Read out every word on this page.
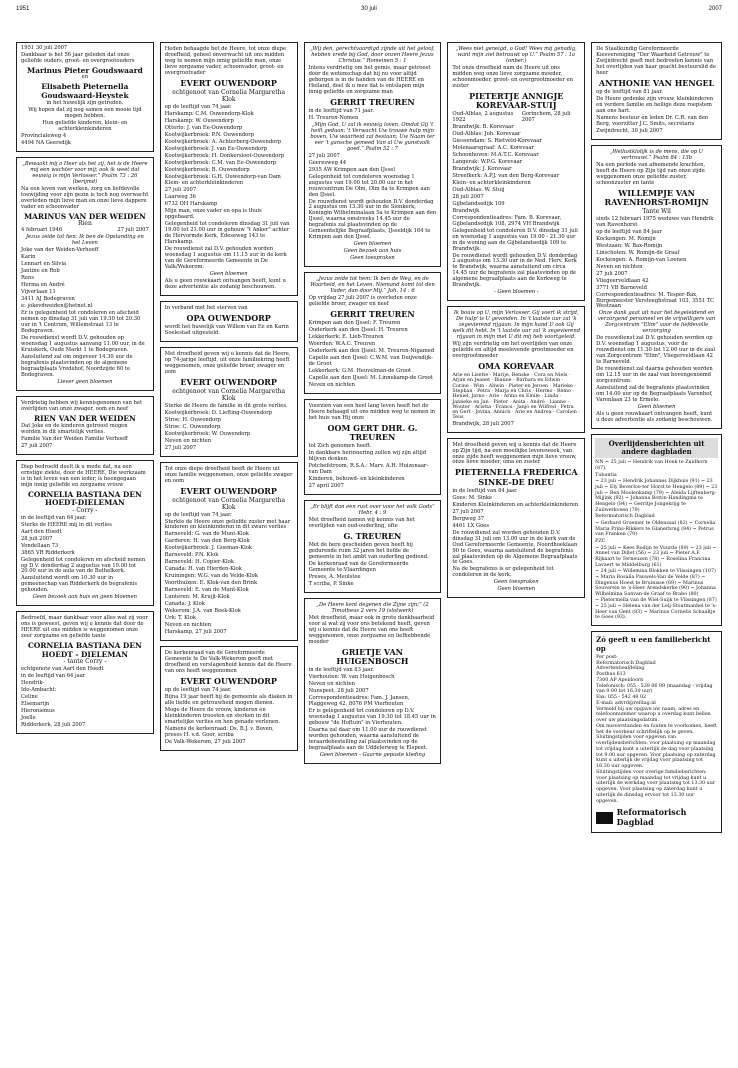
1951	30 juli	2007
1951 30 juli 2007

Dankbaar is het 56 jaar geleden dat onze geliefde ouders, groot- en overgrootouders

Marinus Pieter Goudswaard
en
Elisabeth Pieternella Goudswaard-Heystek

in het huwelijk zijn getreden.

Wij hopen dat zij nog samen een mooie tijd mogen hebben.

Hun geliefde kinderen, klein- en achterkleinkinderen

Provincialeweg 4

4494 NA Geersdijk

„Bewaakt mij o Heer als het zij, het is de Heere mij een wachter voor mij; ook ik weet dat eeuwig is mijn Verlosser.” Psalm 73 : 26 (berijmd)

Na een leven van werken, zorg en liefdevolle toewijding voor zijn gezin is toch nog overwacht overleden mijn lieve man en onze lieve dappere vader en schoonvader

MARINUS VAN DER WEIDEN
Rien
4 februari 1946	27 juli 2007

Jezus zeide tot hen: Ik ben de Opstanding en het Leven

Joke van der Weiden-Verhoeff

Karin

Lennart en Silvia

Jantine en Rob

Rens

Herma en André

Vijverlaan 11

3411 AJ Bodegraven

e: jokevdweiden@hetnet.nl

Er is gelegenheid tot condoleren en afscheid nemen op dinsdag 31 juli van 19.30 tot 20.30 uur in 't Centrum, Willemstraat 13 te Bodegraven.

De rouwdienst wordt D.V. gehouden op woensdag 1 augustus aanvang 11.00 uur, in de Kruiskerk, Oude Markt 1 te Bodegraven.

Aansluitend zal om ongeveer 14.30 uur de begrafenis plaatsvinden op de algemene begraafplaats Vredehof, Noordzijde 60 te Bodegraven.

Liever geen bloemen

Verdrietig hebben wij kennisgenomen van het overlijden van onze zwager, oom en neef

RIEN VAN DER WEIDEN

Dat Joke en de kinderen getroost mogen worden in dit smartelijk verlies.

Familie Van der Weiden Familie Verhoeff

27 juli 2007

Diep bedroefd deelt ik u mede dat, na een ernstige ziekte, door de HEERE, Die werkzaam is in het leven van een ieder, is heengegaan mijn innig geliefde en zorgzame vrouw

CORNELIA BASTIANA DEN HOEDT-DIELEMAN
- Corry -

in de leeftijd van 64 jaar.

Sterks de HEERE mij in dit verlies

Aart den Hoedt

28 juli 2007

Vondellaan 73

3865 VR Ridderkerk

Gelegenheid tot condoleren en afscheid nemen op D.V. donderdag 2 augustus van 19.00 tot 20.00 uur in de aula van de Bethelkerk.

Aansluitend wordt om 10.30 uur in gemeenschap van Ridderkerk de begrafenis gehouden.

Geen bezoek aan huis en geen bloemen

Bedroefd, maar dankbaar voor alles wat zij voor ons is geweest, geven wij u kennis dat door de HEERE uit ons midden is weggenomen onze zeer zorgzame en geliefde tante

CORNELIA BASTIANA DEN HOEDT - DIELEMAN
- tante Corry -

echtgenote van Aart den Hoedt

in de leeftijd van 64 jaar

Hendrik-

Ido-Ambacht:

Celine

Elsemarijn

Hieroniemus

Joelle

Ridderkerk, 28 juli 2007

Heden behaagde het de Heere, tot onze diepe droefheid, geheel onverwacht uit ons midden weg te nemen mijn innig geliefde man, onze lieve zorgzame vader, schoonvader, groot- en overgrootvader

EVERT OUWENDORP
echtgenoot van Cornelia Margaretha Klok

op de leeftijd van 74 jaar.

Harskamp: C.M. Ouwendorp-Klok

Harskamp: W. Ouwendorp

Otterlo: J. van Ee-Ouwendorp

Kootwijkerbroek: P.N. Ouwendorp

Kootwijkerbroek: A. Achterberg-Ouwendorp

Kootwijkerbroek: J. van Ee-Ouwendorp

Kootwijkerbroek: H. Donkersloot-Ouwendorp

Kootwijkerbroek: C.M. van Ee-Ouwendorp

Kootwijkerbroek: B. Ouwendorp

Kootwijkerbroek: G.H. Ouwendorp-van Dam

Klein- en achterkleinkinderen

27 juli 2007

Laarweg 36

6732 DH Harskamp

Mijn man, onze vader en opa is thuis opgebaard.

Gelegenheid tot condoleren dinsdag 31 juli van 19.00 tot 21.00 uur in gebouw "t Anker" achter de Hervormde Kerk, Edeseweg 143 te Harskamp.

De rouwdienst zal D.V. gehouden worden woensdag 1 augustus om 11.15 uur in de kerk van de Gereformeerde Gemeente in De Valk/Wekerom.

Geen bloemen

Als u geen rouwkaart ontvangen heeft, kunt u deze advertentie als zodanig beschouwen.

In verband met het sterven van

OPA OUWENDORP

wordt het huwelijk van Willem van Ee en Karin Soelestad uitgesteld.

Met droefheid geven wij u kennis dat de Heere, op 74-jarige leeftijd, uit onze familiekring heeft weggenomen, onze geliefde broer, zwager en oom

EVERT OUWENDORP
echtgenoot van Cornelia Margaretha Klok

Sterke de Heere de familie in dit grote verlies.

Kootwijkerbroek: D. Liefting-Ouwendorp

Stroe: H. Ouwendorp

Stroe: C. Ouwendorp

Kootwijkerbroek: W. Ouwendorp

Neven en nichten

27 juli 2007

Tot onze diepe droefheid heeft de Heere uit onze familie weggenomen, onze geliefde zwager en oom

EVERT OUWENDORP
echtgenoot van Cornelia Margaretha Klok

op de leeftijd van 74 jaar.

Sterkte de Heere onze geliefde zuster met haar kinderen en kleinkinderen in dit zware verlies

Barneveld: G. van de Munt-Klok

Garderen: H. van den Berg-Klok

Kootwijkerbroek: J. Goeman-Klok

Barneveld: P.N. Klok

Barneveld: H. Copier-Klok

Canada: H. van Hierden-Klok

Kruiningen: W.G. van de Velde-Klok

Voorthuizen: E. Klok-van den Brink

Barneveld: E. van de Munt-Klok

Lunteren: M. Kruijt-Klok

Canada: J. Klok

Wekerom: J.A. van Beek-Klok

Urk: T. Klok

Neven en nichten

Harskamp, 27 juli 2007

De kerkenraad van de Gereformeerde Gemeente te De Valk-Wekerom geeft met droefheid en verslagenheid kennis dat de Heere van ons heeft weggenomen

EVERT OUWENDORP

op de leeftijd van 74 jaar.

Bijna 19 jaar heeft hij de gemeente als diaken in alle liefde en getrouwheid mogen dienen.

Moge de Heere de vrouw, kinderen en kleinkinderen troosten en sterken in dit smartelijke verlies en hen genade verlenen.

Namens de kerkenraad: Ds. B.J. v. Boven, preses H. v.d. Goor, scriba

De Valk-Wekerom, 27 juli 2007

„Wij den, gerechtvaardigd zijnde uit het geloof, hebben vrede bij God, door onzen Heere Jezus Christus.” Romeinen 5 : 1

Intens verdrietig om het gemis, maar getroost door de wetenschap dat hij nu voor altijd geborgen is in de handen van de HEERE en Heiland, deel ik u mee dat is ontslapen mijn innig geliefde en zorgzame man

GERRIT TREUREN

in de leeftijd van 71 jaar.

H. Treuren-Nomen

„Mijn God, U zal ik eeuwig loven. Omdat Gij 't heilt gedaan; 't Verwacht Uw trouwe hulp mijn boven, Uw waarheid zal bestaan; Uw Naam ter eer 't gansche gemeed Van al Uw gunstvolk goed.” Psalm 52 : 7

27 juli 2007

Geeresweg 44

2935 AW Krimpen aan den IJssel

Gelegenheid tot condoleren woensdag 1 augustus van 19.00 tot 20.00 uur in het rouwcentrum De Olm, Olm 8a te Krimpen aan den IJssel.

De rouwdienst wordt gehouden D.V. donderdag 2 augustus om 13.30 uur in de Sionkerk, Koningin Wilhelminalaan 5a te Krimpen aan den IJssel, waarna omstreeks 14.45 uur de begrafenis zal plaatsvinden op de Gemeentelijke Begraafplaats, IJsseldijk 164 te Krimpen aan den IJssel.

Geen bloemen

Geen bezoek aan huis

Geen toespraken

„Jezus zeide tot hem: Ik ben de Weg, en de Waarheid, en het Leven. Niemand komt tot den Vader, dan door Mij.” Joh. 14 : 6

Op vrijdag 27 juli 2007 is overleden onze geliefde broer, zwager en neef

GERRIT TREUREN

Krimpen aan den IJssel: F. Treuren

Ouderkerk aan den IJssel: H. Treuren

Lekkerkerk: E. Lieb-Treuren

Woerden: W.A.C. Treuren

Ouderkerk aan den IJssel: M. Treuren-Nigamed

Capelle aan den IJssel: C.W.M. van Duijvendijk-de Groot

Lekkerkerk: G.M. Heuvelman-de Groot

Capelle aan den IJssel: M. Linnekamp-de Groot

Neven en nichten

Voorzien van een heel lang leven heeft het de Heere behaagd uit ons midden weg te nemen in het huis van Hij onze

OOM GERT DHR. G. TREUREN

tot Zich genomen heeft.

In dankbare herinnering zullen wij zijn altijd blijven denken.

Potchefstroom, R.S.A.: Marv. A.H. Huizenaar-van Dam

Kinderen, behuwd- en kleinkinderen

27 april 2007

„Er blijft dan een rust over voor het volk Gods” Hebr. 4 : 9

Met droefheid namen wij kennis van het overlijden van oud-ouderling, ofte

G. TREUREN

Met de here gescheiden geven heeft hij gedurende ruim 32 jaren het liefde de gemeente in het ambt van ouderling gediend.

De kerkenraad van de Gereformeerde Gemeente te Vlaardingen

Preses, A. Meulstee

T scriba, P. Sinke

„De Heere kent degenen die Zijne zijn;” (2 Timotheus 2 vers 19 (slotwerk)

Met droefheid, maar ook in grote dankbaarheid voor al wat zij voor ons betekend heeft, geven wij u kennis dat de Heere van ons heeft weggenomen, onze zorgzame en liefhebbende moeder

GRIETJE VAN HUIGENBOSCH

in de leeftijd van 83 jaar.

Vierhouten: W. van Huigenbosch

Neven en nichten

Nunspeet, 28 juli 2007

Correspondentieadres: Fam. J. Jansen, Plaggeweg 42, 8076 PM Vierhouten

Er is gelegenheid tot condoleren op D.V. woensdag 1 augustus van 19.30 tot 18.45 uur in gebouw "de Hoftuin" in Vierhouten.

Daarna zal daar om 11.00 uur de rouwdienst worden gehouden, waarna aansluitend de teraardebestelling zal plaatsvinden op de begraafplaats aan de Uddelerweg te Elspeet.

Geen bloemen - Gaarne gepaste kleding

„Wees niet geneigd, o God! Wees mij genadig, want mijn ziel betrouwt op U.” Psalm 57 : 1a (onber.)

Tot onze droefheid nam de Heere uit ons midden weg onze lieve zorgzame moeder, schoonmoeder, groot- en overgrootmoeder en zuster

PIETERTJE ANNIGJE KOREVAAR-STUIJ
Oud-Alblas, 2 augustus 1922
Gorinchem, 28 juli 2007

Brandwijk: B. Korevaar

Oud-Alblas: Joh. Korevaar

Giessendam: S. Rietveld-Korevaar

Molenaarsgraaf: A.C. Korevaar

Schoonhoven: M.A.T.C. Korevaar

Langerak: W.P.G. Korevaar

Brandwijk: J. Korevaar

Streefkerk: A.P.J. van den Berg-Korevaar

Klein- en achterkleinkinderen

Oud-Alblas: W. Stuij

28 juli 2007

Gijbelandsedijk 109

Brandwijk

Correspondentieadres: Fam. B. Korevaar, Gijbelandsedijk 108, 2974 VH Brandwijk

Gelegenheid tot condoleren D.V. dinsdag 31 juli en woensdag 1 augustus van 19.00 - 21.30 uur in de woning aan de Gijbelandsedijk 109 te Brandwijk.

De rouwdienst wordt gehouden D.V. donderdag 2 augustus om 13.30 uur in de Ned. Herv. Kerk te Brandwijk, waarna aansluitend om circa 14.45 uur de begrafenis zal plaatsvinden op de algemene begraafplaats aan de Kerkweg te Brandwijk.

- Geen bloemen -

Ik bouw op U, mijn Verlosser. Gij voert ik strijd, De hulp' is U gevonden. In 't laatste uur zal 'k zegevierend rijgaan. In mijn hand U ook Gij welk dit hebt. In 't laatste uur zal 'k zegevierend rijgaan in mijn met U dit mij heb voortgeleid.

Wij zijn verdrietig om het overlijden van onze geliefde en altijd meelevende grootmoeder en overgrootmoeder

OMA KOREVAAR

Arie en Lisette · Marije, Renske · Cora en Niels · Arjan en Jeanet · Bianne · Barbara en Edwin · Corine · Wim · Aliwin · Pieter en Jeroen · Marieke · Stephan · Petra · Marja en Chris · Hermo · Remo · Heniel, Jarno · Arie · Arina en Emile · Linda · Janneke en Jan · Pieter · Anita · André · Lianne · Wouter · Aristta · Francs · Janjo en Wilfred · Petra en Gert · Jovina, Annich · Arie en Andrea · Carolien · Teus

Brandwijk, 28 juli 2007

Met droefheid geven wij u kennis dat de Heere op Zijn tijd, na een moeilijke levensweek, van onze zijde heeft weggenomen mijn lieve vrouw, onze lieve moeder, oma en zuster

PIETERNELLA FREDERICA SINKE-DE DREU

in de leeftijd van 84 jaar.

Goes: M. Sinke

Kinderen Kleinkinderen en achterkleinkinderen

27 juli 2007

Bergweg 37

4461 LX Goes

De rouwdienst zal worden gehouden D.V. dinsdag 31 juli om 13.00 uur in de kerk van de Oud Gereformeerde Gemeente, Noordhoeklaan 90 te Goes, waarna aansluitend de begrafenis zal plaatsvinden op de Algemene Begraafplaats te Goes.

Na de begrafenis is er gelegenheid tot condoleren in de kerk.

Geen toespraken

Geen bloemen

De Staatkundig Gereformeerde Kiesvereniging "Der Waarheid Getrouw" te Zwijndrecht geeft met bedroefen kennis van het overlijden van haar geacht bestuurslid de heer

ANTHONIE VAN HENGEL

op de leeftijd van 81 jaar.

De Heere gedenke zijn vrouw, kleinkinderen en verdere familie en heilige deze roepstem aan ons hart.

Namens bestuur en leden Dr. C.R. van den Berg, voorzitter J.C. Smits, secretaris

Zwijndrecht, 30 juli 2007

„Wellustklolijk is de mens, die op U vertrouwt.” Psalm 84 : 13b

Na een periode van afnemende krachten, heeft de Heere op Zijn tijd van onze zijde weggenomen onze geliefde zuster, schoonzuster en tante

WILLEMPJE VAN RAVENHORST-ROMIJN
Tante Wil

sinds 12 februari 1975 weduwe van Hendrik van Ravenhorst

op de leeftijd van 84 jaar

Kockengen: M. Romijn

Westzaan: W. Bax-Romijn

Linschoten: W. Romijn-de Graaf

Kockengen: A. Romijn-van Loenen

Neven en nichten

27 juli 2007

Vliegeerveldlaan 42

3771 VB Barneveld

Correspondentieadres: M. Tesper-Bax, Burgemeester Versteeghstraat 103, 3551 TC Westzaan

Onze dank gaat uit naar het begeleidend en verzorgend personeel en de vrijwilligers van Zorgcentrum "Elim" voor de liefdevolle verzorging

De rouwdienst zal D.V. gehouden worden op D.V. woensdag 1 augustus, voor de rouwdienst om 11.30 tot 12.00 uur in de zaal van Zorgcentrum "Elim", Vliegerveldlaan 42 te Barneveld.

De rouwdienst zal daarna gehouden worden om 12.15 uur in de zaal van bovengenoemd zorgcentrum.

Aansluitend zal de begrafenis plaatsvinden om 14.00 uur op de Begraafplaats Varenhof, Varenlaan 23 te Ermelo.

Geen bloemen

Als u geen rouwkaart ontvangen heeft, kunt u deze advertentie als zodanig beschouwen.

Overlijdensberichten uit andere dagbladen
NN ~ 25 juli ~ Hendrik van Hoek te Zuidhorn (87).
Tubantia
~ 23 juli ~ Hendrik Johannes Dijkhuis (91) ~ 23 juli ~ Ely Beverloo-ter Horst te Hengelo (89) ~ 23 juli ~ Ben Moolenkamp (79) ~ Aleida Lijftenberg-Mijjink (92) ~ Johanna Bottin-Handingma te Hengelo (84) ~ Gerritje Jongekrijg te Zuilwerkveen (79)
Reformatorisch Dagblad
~ Gerhard Groenier te Oldenzaal (82) ~ Cornelia Maria Prins-Rikkers te Glanerbrug (84) ~ Petrus van Franken (79)
PZC
~ 25 juli ~ Kees Rodijn te Vuurde (89) ~ 23 juli ~ Annet van Dillet (56) ~ 23 juli ~ Pieter A.F. Rijkaart te Terneuzen (78) ~ Roselina Francina Lavaert te Middelburg (61)
~ 24 juli ~ Willemina Blokken te Vlissingen (107) ~ Maria Rosalia Pauwels-Van de Velde (87) ~ Dingenus Hoest te Bruinisse (69) ~ Marinus Souverein te 's-Heer Arendskerke (90) ~ Johanna Wilhelmina Sanvan-de Graaf te Brabo (80)
~ Pietermella van de Wiel-Suijk te Vlissingen (87) ~ 25 juli ~ Helena van der Lelj-Stoutmanhel te 's-Heer van Gent (83) ~ Marinus Cornelis Schaaltje te Goes (93).
Zó geeft u een familiebericht op
Per post:
Reformatorisch Dagblad
Advertentieafdeling
Postbus 613
7300 AP Apeldoorn
Telefonisch: 055 - 539 06 99 (maandag - vrijdag van 9.00 tot 16.30 uur)
Fax: 055 - 542 48 02
E-mail: advrd@refdag.nl
Vermeld bij uw opgave uw naam, adres en telefoonnummer waarop u overdag kunt bellen over uw plaatsingsdatum.
Om misverstanden en fouten te voorkomen, heeft het de voorkeur schriftelijk op te geven.
Sluitingstijden voor opgeven van overlijdensberichten: voor plaatsing op maandag tot vrijdag kunt u uiterlijk de dag voor plaatsing tot 9.00 uur opgeven. Voor plaatsing op zaterdag kunt u uiterlijk de vrijdag voor plaatsing tot 16.30 uur opgeven.
Sluitingstijden voor overige familieberichten: voor plaatsing op maandag tot vrijdag kunt u uiterlijk de werkdag voor plaatsing tot 13.30 uur opgeven. Voor plaatsing op zaterdag kunt u uiterlijk de dinsdag ervoor tot 13.30 uur opgeven.
Reformatorisch Dagblad
